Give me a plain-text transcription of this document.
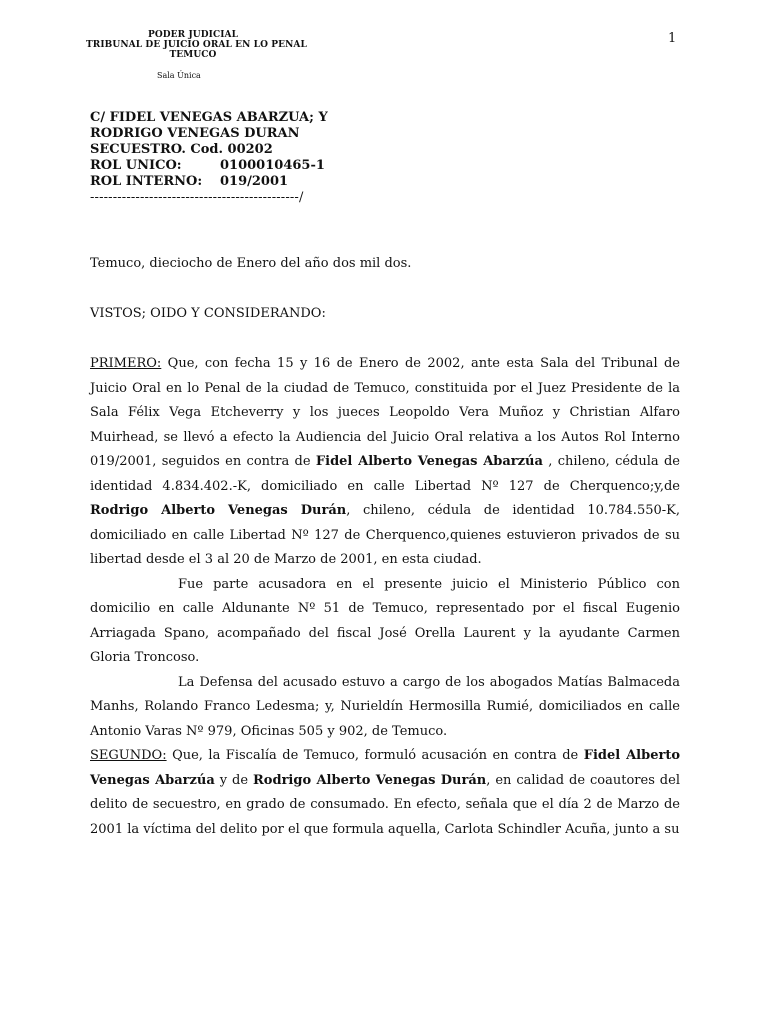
1
PODER JUDICIAL
TRIBUNAL DE JUICIO ORAL EN LO PENAL
TEMUCO
Sala Única
C/ FIDEL VENEGAS ABARZUA; Y
RODRIGO VENEGAS DURAN
SECUESTRO. Cod. 00202
ROL UNICO:	0100010465-1
ROL INTERNO: 019/2001
----------------------------------------------/

Temuco, dieciocho de Enero del año dos mil dos.

VISTOS; OIDO Y CONSIDERANDO:

PRIMERO: Que, con fecha 15 y 16 de Enero de 2002, ante esta Sala del Tribunal de Juicio Oral en lo Penal de la ciudad de Temuco, constituida por el Juez Presidente de la Sala Félix Vega Etcheverry y los jueces Leopoldo Vera Muñoz y Christian Alfaro Muirhead, se llevó a efecto la Audiencia del Juicio Oral relativa a los Autos Rol Interno 019/2001, seguidos en contra de Fidel Alberto Venegas Abarzúa , chileno, cédula de identidad 4.834.402.-K, domiciliado en calle Libertad Nº 127 de Cherquenco;y,de Rodrigo Alberto Venegas Durán, chileno, cédula de identidad 10.784.550-K, domiciliado en calle Libertad Nº 127 de Cherquenco,quienes estuvieron privados de su libertad desde el 3 al 20 de Marzo de 2001, en esta ciudad.

Fue parte acusadora en el presente juicio el Ministerio Público con domicilio en calle Aldunante Nº 51 de Temuco, representado por el fiscal Eugenio Arriagada Spano, acompañado del fiscal José Orella Laurent y la ayudante Carmen Gloria Troncoso.

La Defensa del acusado estuvo a cargo de los abogados Matías Balmaceda Manhs, Rolando Franco Ledesma; y, Nurieldín Hermosilla Rumié, domiciliados en calle Antonio Varas Nº 979, Oficinas 505 y 902, de Temuco.

SEGUNDO: Que, la Fiscalía de Temuco, formuló acusación en contra de Fidel Alberto Venegas Abarzúa y de Rodrigo Alberto Venegas Durán, en calidad de coautores del delito de secuestro, en grado de consumado. En efecto, señala que el día 2 de Marzo de 2001 la víctima del delito por el que formula aquella, Carlota Schindler Acuña, junto a su
